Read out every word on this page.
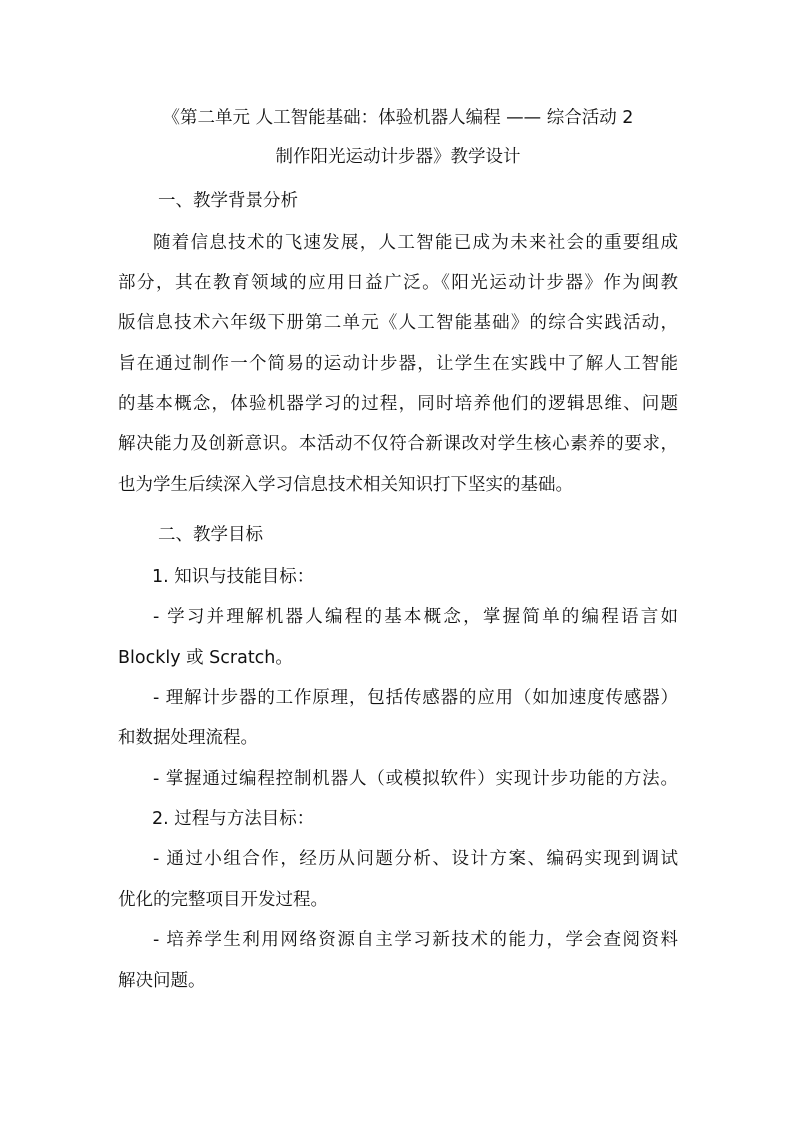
《第二单元 人工智能基础：体验机器人编程 —— 综合活动 2
制作阳光运动计步器》教学设计
一、教学背景分析
随着信息技术的飞速发展，人工智能已成为未来社会的重要组成
部分，其在教育领域的应用日益广泛。《阳光运动计步器》作为闽教
版信息技术六年级下册第二单元《人工智能基础》的综合实践活动，
旨在通过制作一个简易的运动计步器，让学生在实践中了解人工智能
的基本概念，体验机器学习的过程，同时培养他们的逻辑思维、问题
解决能力及创新意识。本活动不仅符合新课改对学生核心素养的要求，
也为学生后续深入学习信息技术相关知识打下坚实的基础。
二、教学目标
1. 知识与技能目标：
- 学习并理解机器人编程的基本概念，掌握简单的编程语言如
Blockly 或 Scratch。
- 理解计步器的工作原理，包括传感器的应用（如加速度传感器）
和数据处理流程。
- 掌握通过编程控制机器人（或模拟软件）实现计步功能的方法。
2. 过程与方法目标：
- 通过小组合作，经历从问题分析、设计方案、编码实现到调试
优化的完整项目开发过程。
- 培养学生利用网络资源自主学习新技术的能力，学会查阅资料
解决问题。
